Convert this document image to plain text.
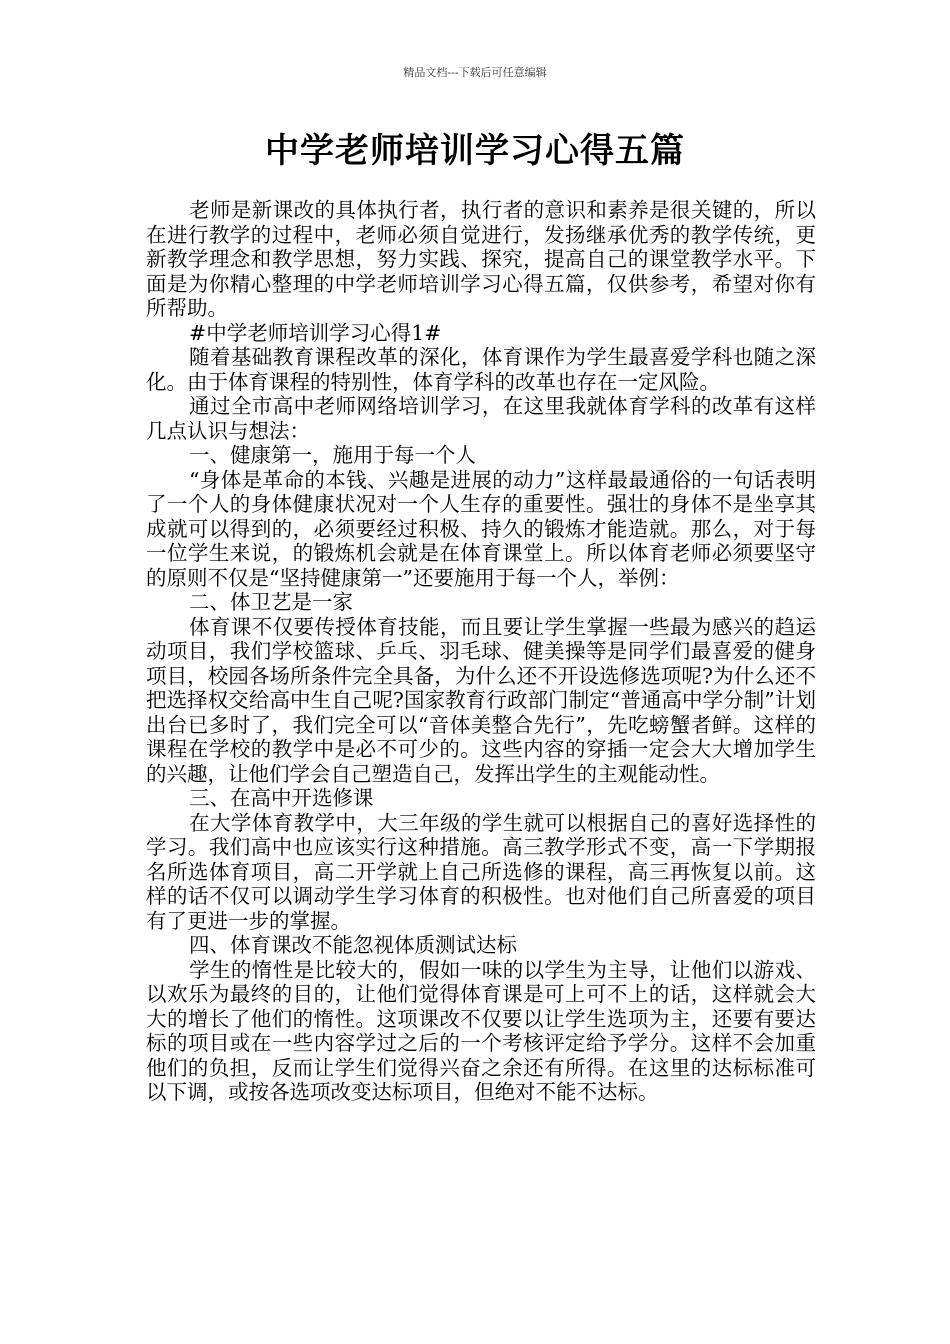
精品文档---下载后可任意编辑
中学老师培训学习心得五篇

老师是新课改的具体执行者，执行者的意识和素养是很关键的，所以在进行教学的过程中，老师必须自觉进行，发扬继承优秀的教学传统，更新教学理念和教学思想，努力实践、探究，提高自己的课堂教学水平。下面是为你精心整理的中学老师培训学习心得五篇，仅供参考，希望对你有所帮助。

#中学老师培训学习心得1#

随着基础教育课程改革的深化，体育课作为学生最喜爱学科也随之深化。由于体育课程的特别性，体育学科的改革也存在一定风险。

通过全市高中老师网络培训学习，在这里我就体育学科的改革有这样几点认识与想法：

一、健康第一，施用于每一个人

“身体是革命的本钱、兴趣是进展的动力”这样最最通俗的一句话表明了一个人的身体健康状况对一个人生存的重要性。强壮的身体不是坐享其成就可以得到的，必须要经过积极、持久的锻炼才能造就。那么，对于每一位学生来说，的锻炼机会就是在体育课堂上。所以体育老师必须要坚守的原则不仅是“坚持健康第一”还要施用于每一个人，举例：

二、体卫艺是一家

体育课不仅要传授体育技能，而且要让学生掌握一些最为感兴的趋运动项目，我们学校篮球、乒乓、羽毛球、健美操等是同学们最喜爱的健身项目，校园各场所条件完全具备，为什么还不开设选修选项呢?为什么还不把选择权交给高中生自己呢?国家教育行政部门制定“普通高中学分制”计划出台已多时了，我们完全可以“音体美整合先行”，先吃螃蟹者鲜。这样的课程在学校的教学中是必不可少的。这些内容的穿插一定会大大增加学生的兴趣，让他们学会自己塑造自己，发挥出学生的主观能动性。

三、在高中开选修课

在大学体育教学中，大三年级的学生就可以根据自己的喜好选择性的学习。我们高中也应该实行这种措施。高三教学形式不变，高一下学期报名所选体育项目，高二开学就上自己所选修的课程，高三再恢复以前。这样的话不仅可以调动学生学习体育的积极性。也对他们自己所喜爱的项目有了更进一步的掌握。

四、体育课改不能忽视体质测试达标

学生的惰性是比较大的，假如一味的以学生为主导，让他们以游戏、以欢乐为最终的目的，让他们觉得体育课是可上可不上的话，这样就会大大的增长了他们的惰性。这项课改不仅要以让学生选项为主，还要有要达标的项目或在一些内容学过之后的一个考核评定给予学分。这样不会加重他们的负担，反而让学生们觉得兴奋之余还有所得。在这里的达标标准可以下调，或按各选项改变达标项目，但绝对不能不达标。
